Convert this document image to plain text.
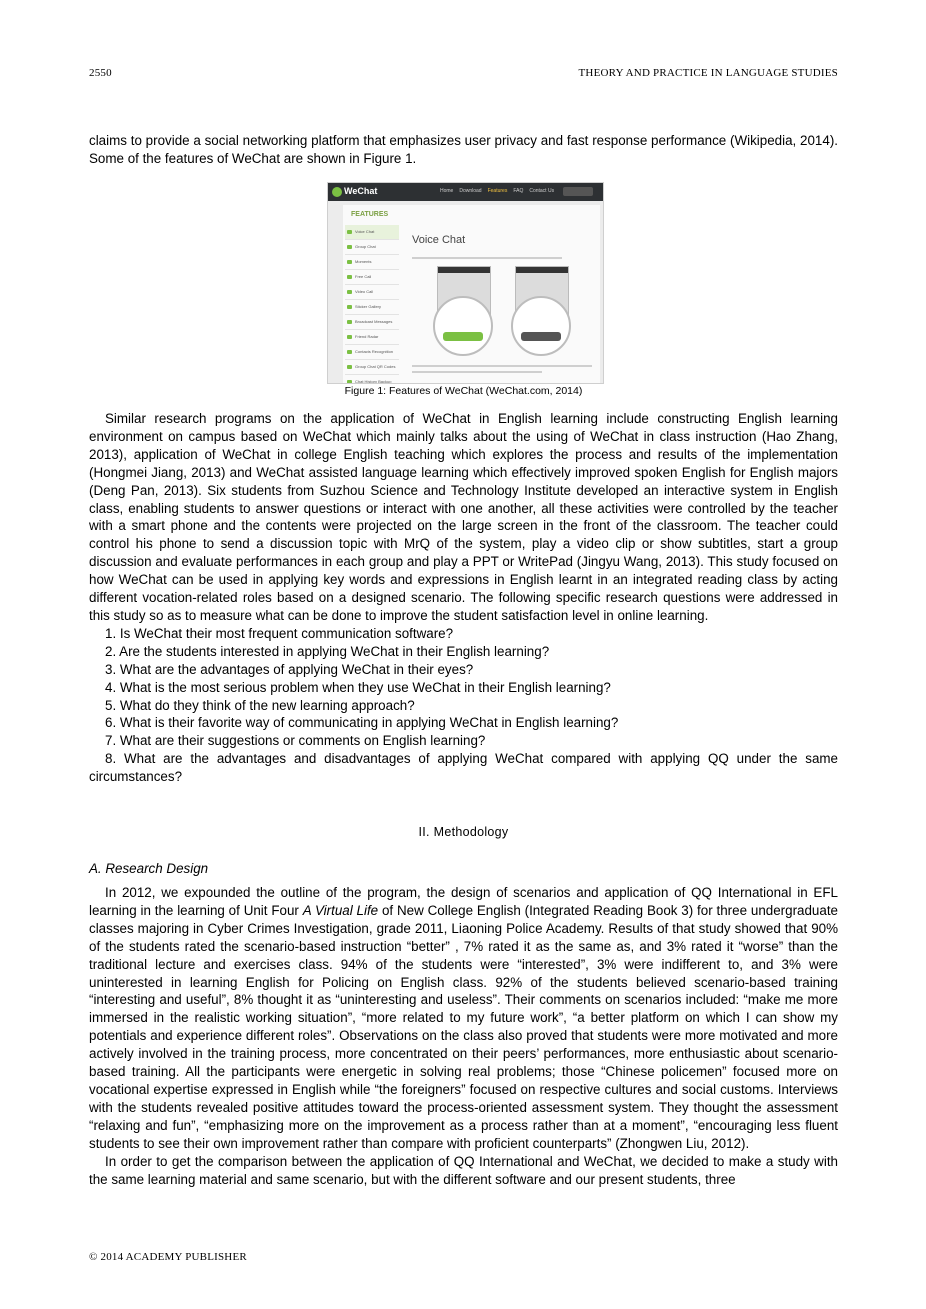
2550	THEORY AND PRACTICE IN LANGUAGE STUDIES

claims to provide a social networking platform that emphasizes user privacy and fast response performance (Wikipedia, 2014). Some of the features of WeChat are shown in Figure 1.

WeChat	Home Download Features FAQ Contact Us
FEATURES
Voice Chat
Group Chat
Moments
Free Call
Video Call
Sticker Gallery
Broadcast Messages
Friend Radar
Contacts Recognition
Group Chat QR Codes
Chat History Backup
Voice Chat
Figure 1: Features of WeChat (WeChat.com, 2014)

Similar research programs on the application of WeChat in English learning include constructing English learning environment on campus based on WeChat which mainly talks about the using of WeChat in class instruction (Hao Zhang, 2013), application of WeChat in college English teaching which explores the process and results of the implementation (Hongmei Jiang, 2013) and WeChat assisted language learning which effectively improved spoken English for English majors (Deng Pan, 2013). Six students from Suzhou Science and Technology Institute developed an interactive system in English class, enabling students to answer questions or interact with one another, all these activities were controlled by the teacher with a smart phone and the contents were projected on the large screen in the front of the classroom. The teacher could control his phone to send a discussion topic with MrQ of the system, play a video clip or show subtitles, start a group discussion and evaluate performances in each group and play a PPT or WritePad (Jingyu Wang, 2013). This study focused on how WeChat can be used in applying key words and expressions in English learnt in an integrated reading class by acting different vocation-related roles based on a designed scenario. The following specific research questions were addressed in this study so as to measure what can be done to improve the student satisfaction level in online learning.

1. Is WeChat their most frequent communication software?
2. Are the students interested in applying WeChat in their English learning?
3. What are the advantages of applying WeChat in their eyes?
4. What is the most serious problem when they use WeChat in their English learning?
5. What do they think of the new learning approach?
6. What is their favorite way of communicating in applying WeChat in English learning?
7. What are their suggestions or comments on English learning?
8. What are the advantages and disadvantages of applying WeChat compared with applying QQ under the same circumstances?
II. Methodology
A. Research Design

In 2012, we expounded the outline of the program, the design of scenarios and application of QQ International in EFL learning in the learning of Unit Four A Virtual Life of New College English (Integrated Reading Book 3) for three undergraduate classes majoring in Cyber Crimes Investigation, grade 2011, Liaoning Police Academy. Results of that study showed that 90% of the students rated the scenario-based instruction “better” , 7% rated it as the same as, and 3% rated it “worse” than the traditional lecture and exercises class. 94% of the students were “interested”, 3% were indifferent to, and 3% were uninterested in learning English for Policing on English class. 92% of the students believed scenario-based training “interesting and useful”, 8% thought it as “uninteresting and useless”. Their comments on scenarios included: “make me more immersed in the realistic working situation”, “more related to my future work”, “a better platform on which I can show my potentials and experience different roles”. Observations on the class also proved that students were more motivated and more actively involved in the training process, more concentrated on their peers’ performances, more enthusiastic about scenario-based training. All the participants were energetic in solving real problems; those “Chinese policemen” focused more on vocational expertise expressed in English while “the foreigners” focused on respective cultures and social customs. Interviews with the students revealed positive attitudes toward the process-oriented assessment system. They thought the assessment “relaxing and fun”, “emphasizing more on the improvement as a process rather than at a moment”, “encouraging less fluent students to see their own improvement rather than compare with proficient counterparts” (Zhongwen Liu, 2012).

In order to get the comparison between the application of QQ International and WeChat, we decided to make a study with the same learning material and same scenario, but with the different software and our present students, three

© 2014 ACADEMY PUBLISHER
